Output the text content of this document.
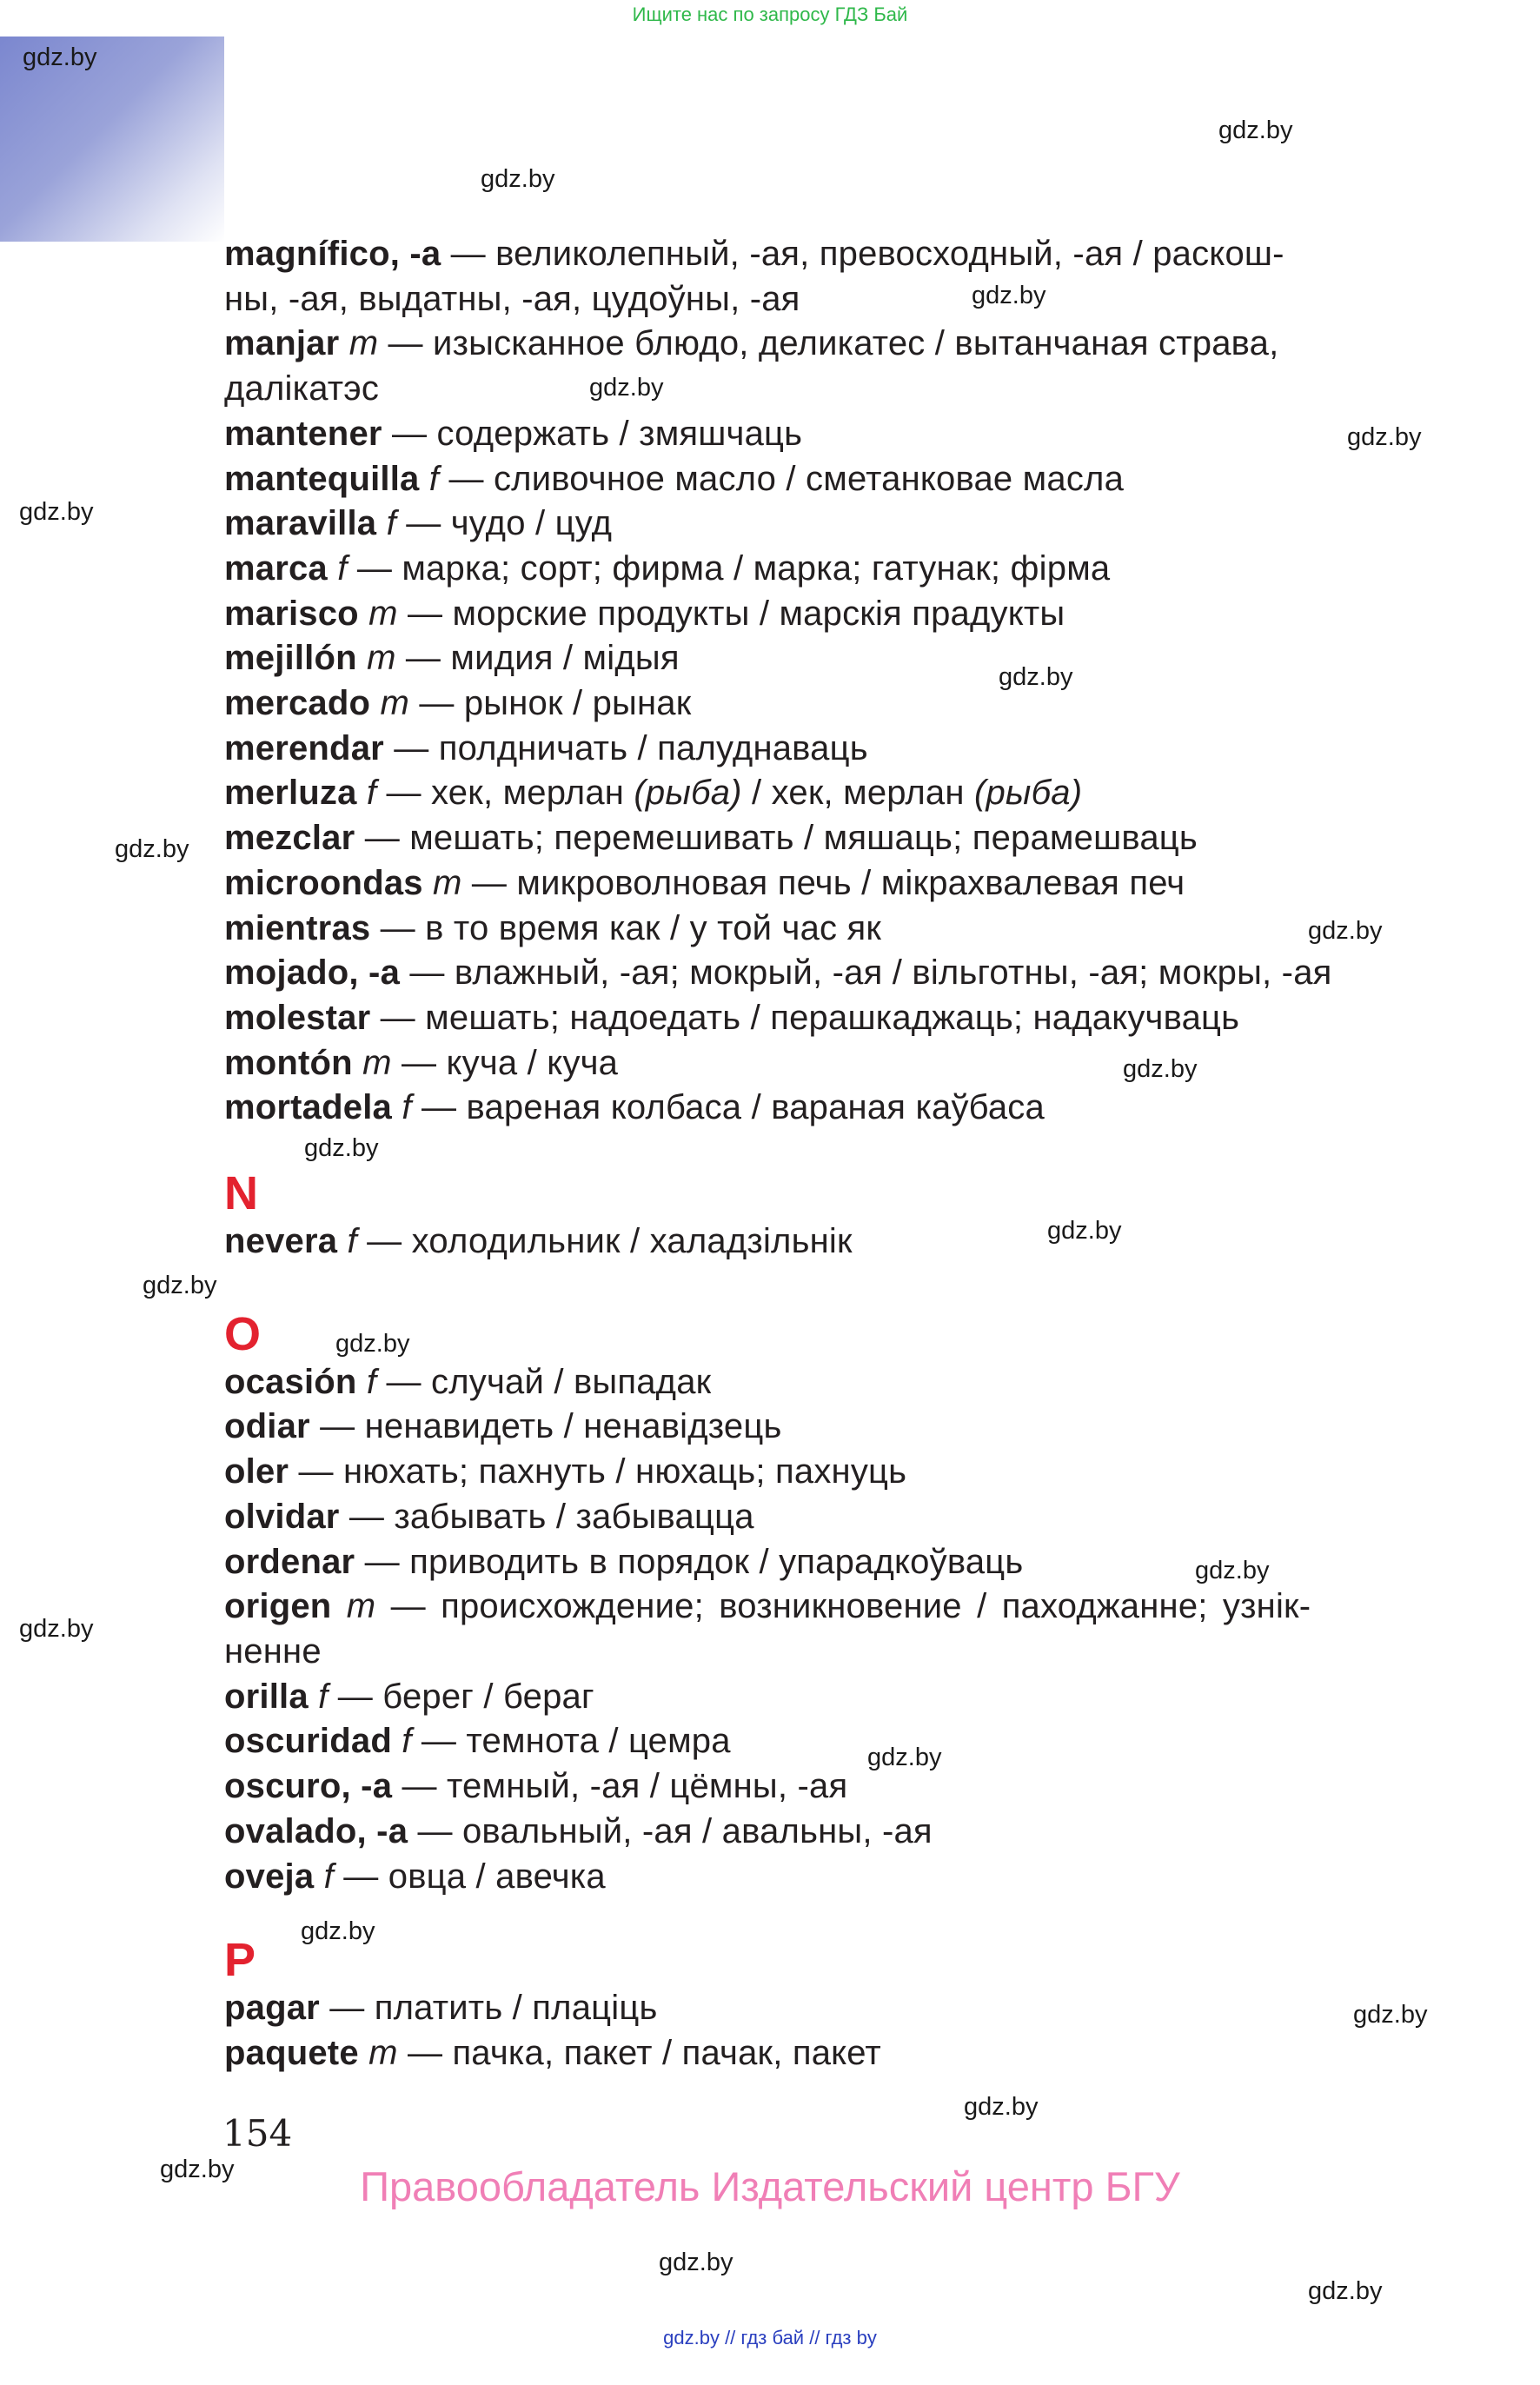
Ищите нас по запросу ГДЗ Бай
gdz.by
gdz.by
gdz.by
gdz.by
gdz.by
gdz.by
gdz.by
gdz.by
gdz.by
gdz.by
gdz.by
gdz.by
gdz.by
gdz.by
gdz.by
gdz.by
gdz.by
gdz.by
gdz.by
gdz.by
gdz.by
gdz.by
gdz.by
gdz.by
magnífico, -a — великолепный, -ая, превосходный, -ая / раскош-
ны, -ая, выдатны, -ая, цудоўны, -ая
manjar m — изысканное блюдо, деликатес / вытанчаная страва,
далікатэс
mantener — содержать / змяшчаць
mantequilla f — сливочное масло / сметанковае масла
maravilla f — чудо / цуд
marca f — марка; сорт; фирма / марка; гатунак; фірма
marisco m — морские продукты / марскія прадукты
mejillón m — мидия / мідыя
mercado m — рынок / рынак
merendar — полдничать / палуднаваць
merluza f — хек, мерлан (рыба) / хек, мерлан (рыба)
mezclar — мешать; перемешивать / мяшаць; перамешваць
microondas m — микроволновая печь / мікрахвалевая печ
mientras — в то время как / у той час як
mojado, -a — влажный, -ая; мокрый, -ая / вільготны, -ая; мокры, -ая
molestar — мешать; надоедать / перашкаджаць; надакучваць
montón m — куча / куча
mortadela f — вареная колбаса / вараная каўбаса
N
nevera f — холодильник / халадзільнік
O
ocasión f — случай / выпадак
odiar — ненавидеть / ненавідзець
oler — нюхать; пахнуть / нюхаць; пахнуць
olvidar — забывать / забывацца
ordenar — приводить в порядок / упарадкоўваць
origen m — происхождение; возникновение / паходжанне; узнік-
ненне
orilla f — берег / бераг
oscuridad f — темнота / цемра
oscuro, -a — темный, -ая / цёмны, -ая
ovalado, -a — овальный, -ая / авальны, -ая
oveja f — овца / авечка
P
pagar — платить / плаціць
paquete m — пачка, пакет / пачак, пакет
154
Правообладатель Издательский центр БГУ
gdz.by // гдз бай // гдз by
